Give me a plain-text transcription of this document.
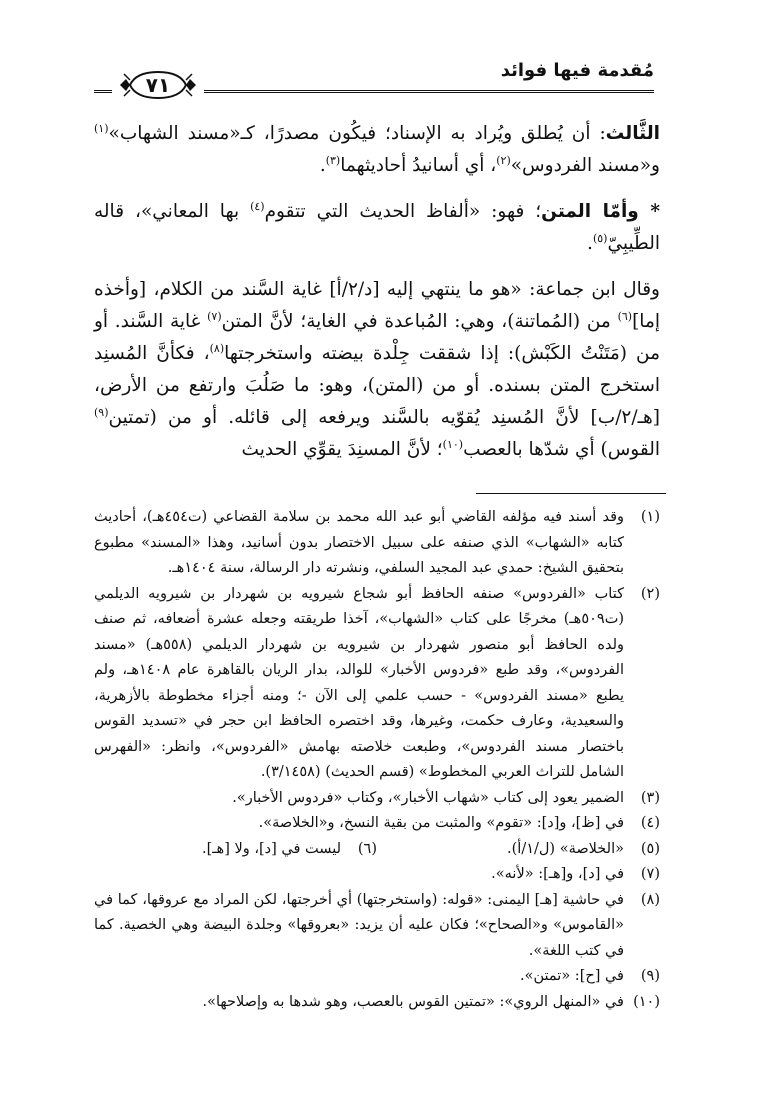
مُقدمة فيها فوائد
٧١

الثَّالث: أن يُطلق ويُراد به الإسناد؛ فيكُون مصدرًا، كـ«مسند الشهاب»$^{(١)}$ و«مسند الفردوس»$^{(٢)}$، أي أسانيدُ أحاديثهما$^{(٣)}$.

* وأمّا المتن؛ فهو: «ألفاظ الحديث التي تتقوم$^{(٤)}$ بها المعاني»، قاله الطِّيبِيّ$^{(٥)}$.

وقال ابن جماعة: «هو ما ينتهي إليه [د/٢/أ] غاية السَّند من الكلام، [وأخذه إما]$^{(٦)}$ من (المُماتنة)، وهي: المُباعدة في الغاية؛ لأنَّ المتن$^{(٧)}$ غاية السَّند. أو من (مَتَنْتُ الكَبْش): إذا شققت جِلْدة بيضته واستخرجتها$^{(٨)}$، فكأنَّ المُسنِد استخرج المتن بسنده. أو من (المتن)، وهو: ما صَلُبَ وارتفع من الأرض، [هـ/٢/ب] لأنَّ المُسنِد يُقوّيه بالسَّند ويرفعه إلى قائله. أو من (تمتين$^{(٩)}$ القوس) أي شدّها بالعصب$^{(١٠)}$؛ لأنَّ المسنِدَ يقوِّي الحديث

(١)
وقد أسند فيه مؤلفه القاضي أبو عبد الله محمد بن سلامة القضاعي (ت٤٥٤هـ)، أحاديث كتابه «الشهاب» الذي صنفه على سبيل الاختصار بدون أسانيد، وهذا «المسند» مطبوع بتحقيق الشيخ: حمدي عبد المجيد السلفي، ونشرته دار الرسالة، سنة ١٤٠٤هـ.
(٢)
كتاب «الفردوس» صنفه الحافظ أبو شجاع شيرويه بن شهردار بن شيرويه الديلمي (ت٥٠٩هـ) مخرجًا على كتاب «الشهاب»، آخذا طريقته وجعله عشرة أضعافه، ثم صنف ولده الحافظ أبو منصور شهردار بن شيرويه بن شهردار الديلمي (٥٥٨هـ) «مسند الفردوس»، وقد طبع «فردوس الأخبار» للوالد، بدار الريان بالقاهرة عام ١٤٠٨هـ، ولم يطبع «مسند الفردوس» - حسب علمي إلى الآن -؛ ومنه أجزاء مخطوطة بالأزهرية، والسعيدية، وعارف حكمت، وغيرها، وقد اختصره الحافظ ابن حجر في «تسديد القوس باختصار مسند الفردوس»، وطبعت خلاصته بهامش «الفردوس»، وانظر: «الفهرس الشامل للتراث العربي المخطوط» (قسم الحديث) (٣/١٤٥٨).
(٣)
الضمير يعود إلى كتاب «شهاب الأخبار»، وكتاب «فردوس الأخبار».
(٤)
في [ظ]، و[د]: «تقوم» والمثبت من بقية النسخ، و«الخلاصة».
(٥)
«الخلاصة» (ل/١/أ).
(٦)
ليست في [د]، ولا [هـ].
(٧)
في [د]، و[هـ]: «لأنه».
(٨)
في حاشية [هـ] اليمنى: «قوله: (واستخرجتها) أي أخرجتها، لكن المراد مع عروقها، كما في «القاموس» و«الصحاح»؛ فكان عليه أن يزيد: «بعروقها» وجلدة البيضة وهي الخصية. كما في كتب اللغة».
(٩)
في [ح]: «تمتن».
(١٠)
في «المنهل الروي»: «تمتين القوس بالعصب، وهو شدها به وإصلاحها».
